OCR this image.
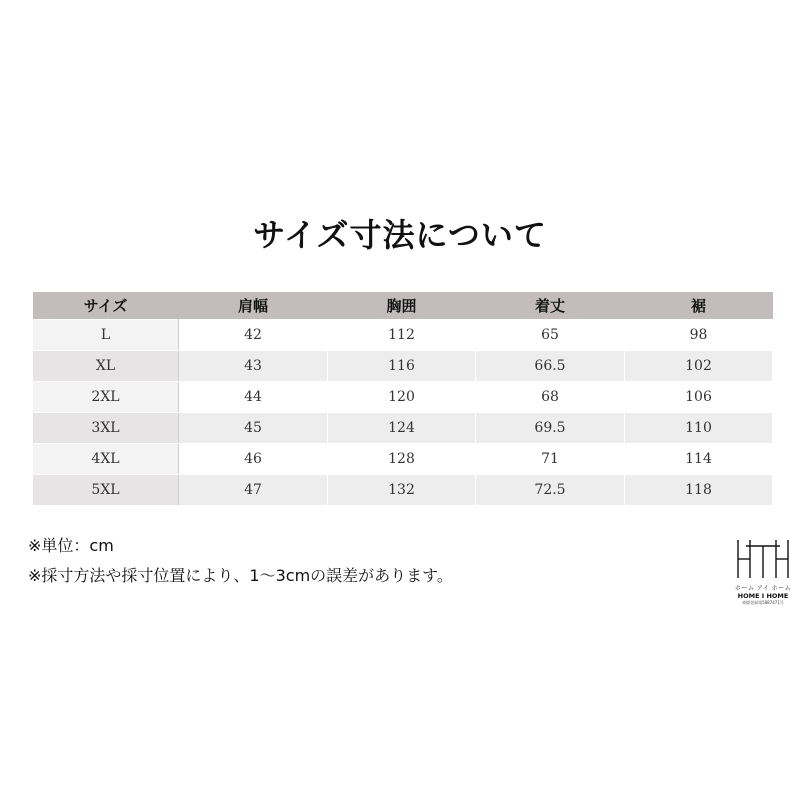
サイズ寸法について
サイズ	肩幅	胸囲	着丈	裾
L	42	112	65	98
XL	43	116	66.5	102
2XL	44	120	68	106
3XL	45	124	69.5	110
4XL	46	128	71	114
5XL	47	132	72.5	118
※単位：cm
※採寸方法や採寸位置により、1～3cmの誤差があります。
ホーム アイ ホーム
HOME I HOME
商標登録第5887471号
